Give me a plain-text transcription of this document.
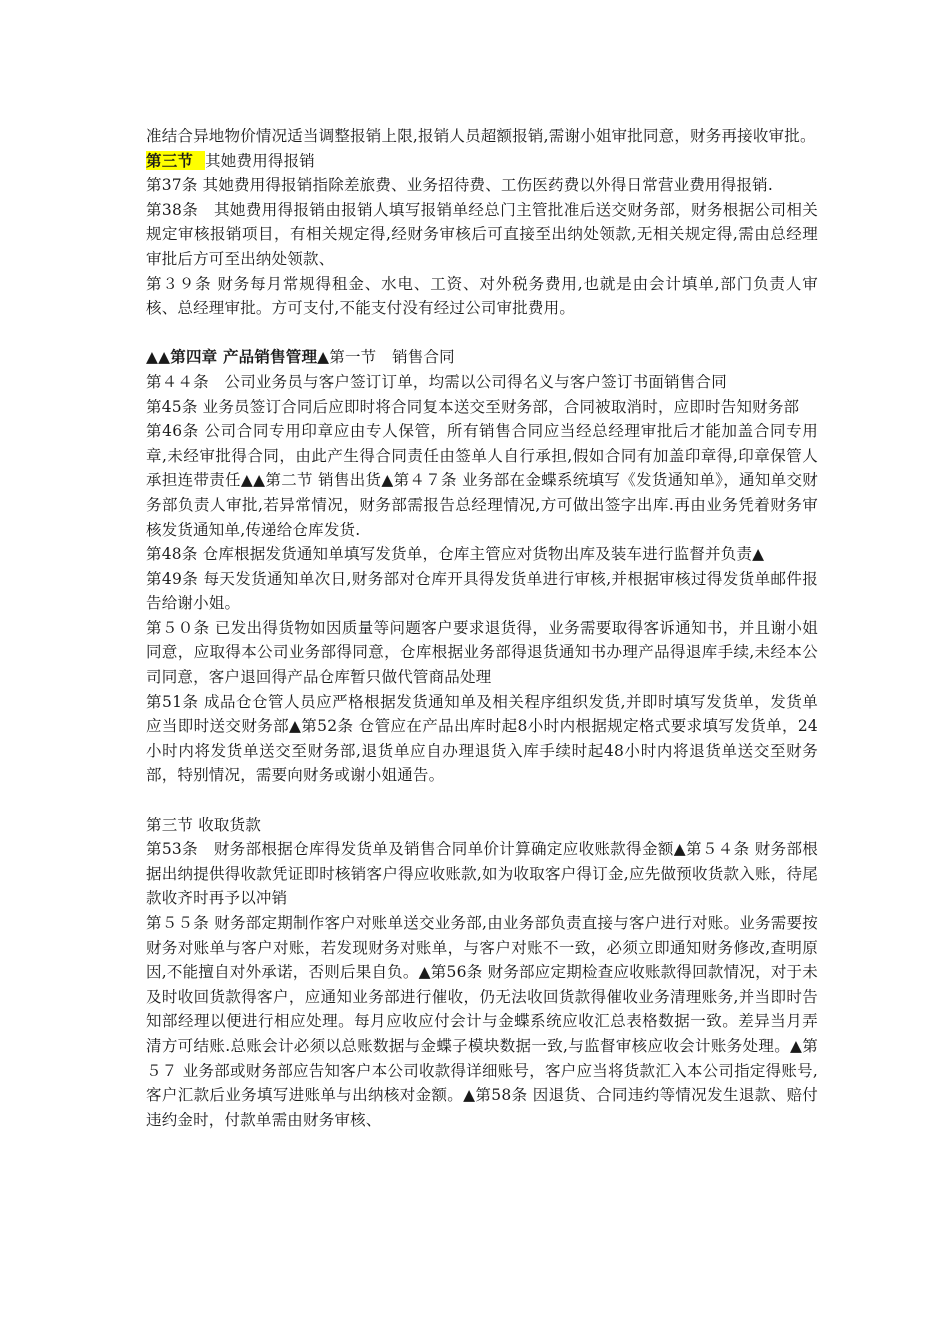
准结合异地物价情况适当调整报销上限,报销人员超额报销,需谢小姐审批同意，财务再接收审批。

第三节 其她费用得报销

第37条 其她费用得报销指除差旅费、业务招待费、工伤医药费以外得日常营业费用得报销.

第38条　其她费用得报销由报销人填写报销单经总门主管批准后送交财务部，财务根据公司相关规定审核报销项目，有相关规定得,经财务审核后可直接至出纳处领款,无相关规定得,需由总经理审批后方可至出纳处领款、

第３９条 财务每月常规得租金、水电、工资、对外税务费用,也就是由会计填单,部门负责人审核、总经理审批。方可支付,不能支付没有经过公司审批费用。

▲▲第四章 产品销售管理▲第一节　销售合同

第４４条　公司业务员与客户签订订单，均需以公司得名义与客户签订书面销售合同

第45条 业务员签订合同后应即时将合同复本送交至财务部，合同被取消时，应即时告知财务部

第46条 公司合同专用印章应由专人保管，所有销售合同应当经总经理审批后才能加盖合同专用章,未经审批得合同，由此产生得合同责任由签单人自行承担,假如合同有加盖印章得,印章保管人承担连带责任▲▲第二节 销售出货▲第４７条 业务部在金蝶系统填写《发货通知单》，通知单交财务部负责人审批,若异常情况，财务部需报告总经理情况,方可做出签字出库.再由业务凭着财务审核发货通知单,传递给仓库发货.

第48条 仓库根据发货通知单填写发货单，仓库主管应对货物出库及装车进行监督并负责▲

第49条 每天发货通知单次日,财务部对仓库开具得发货单进行审核,并根据审核过得发货单邮件报告给谢小姐。

第５０条 已发出得货物如因质量等问题客户要求退货得，业务需要取得客诉通知书，并且谢小姐同意，应取得本公司业务部得同意，仓库根据业务部得退货通知书办理产品得退库手续,未经本公司同意，客户退回得产品仓库暂只做代管商品处理

第51条 成品仓仓管人员应严格根据发货通知单及相关程序组织发货,并即时填写发货单，发货单应当即时送交财务部▲第52条 仓管应在产品出库时起8小时内根据规定格式要求填写发货单，24小时内将发货单送交至财务部,退货单应自办理退货入库手续时起48小时内将退货单送交至财务部，特别情况，需要向财务或谢小姐通告。

第三节 收取货款

第53条　财务部根据仓库得发货单及销售合同单价计算确定应收账款得金额▲第５４条 财务部根据出纳提供得收款凭证即时核销客户得应收账款,如为收取客户得订金,应先做预收货款入账，待尾款收齐时再予以冲销

第５５条 财务部定期制作客户对账单送交业务部,由业务部负责直接与客户进行对账。业务需要按财务对账单与客户对账，若发现财务对账单，与客户对账不一致，必须立即通知财务修改,查明原因,不能擅自对外承诺，否则后果自负。▲第56条 财务部应定期检查应收账款得回款情况，对于未及时收回货款得客户，应通知业务部进行催收，仍无法收回货款得催收业务清理账务,并当即时告知部经理以便进行相应处理。每月应收应付会计与金蝶系统应收汇总表格数据一致。差异当月弄清方可结账.总账会计必须以总账数据与金蝶子模块数据一致,与监督审核应收会计账务处理。▲第５７ 业务部或财务部应告知客户本公司收款得详细账号，客户应当将货款汇入本公司指定得账号,客户汇款后业务填写进账单与出纳核对金额。▲第58条 因退货、合同违约等情况发生退款、赔付违约金时，付款单需由财务审核、
